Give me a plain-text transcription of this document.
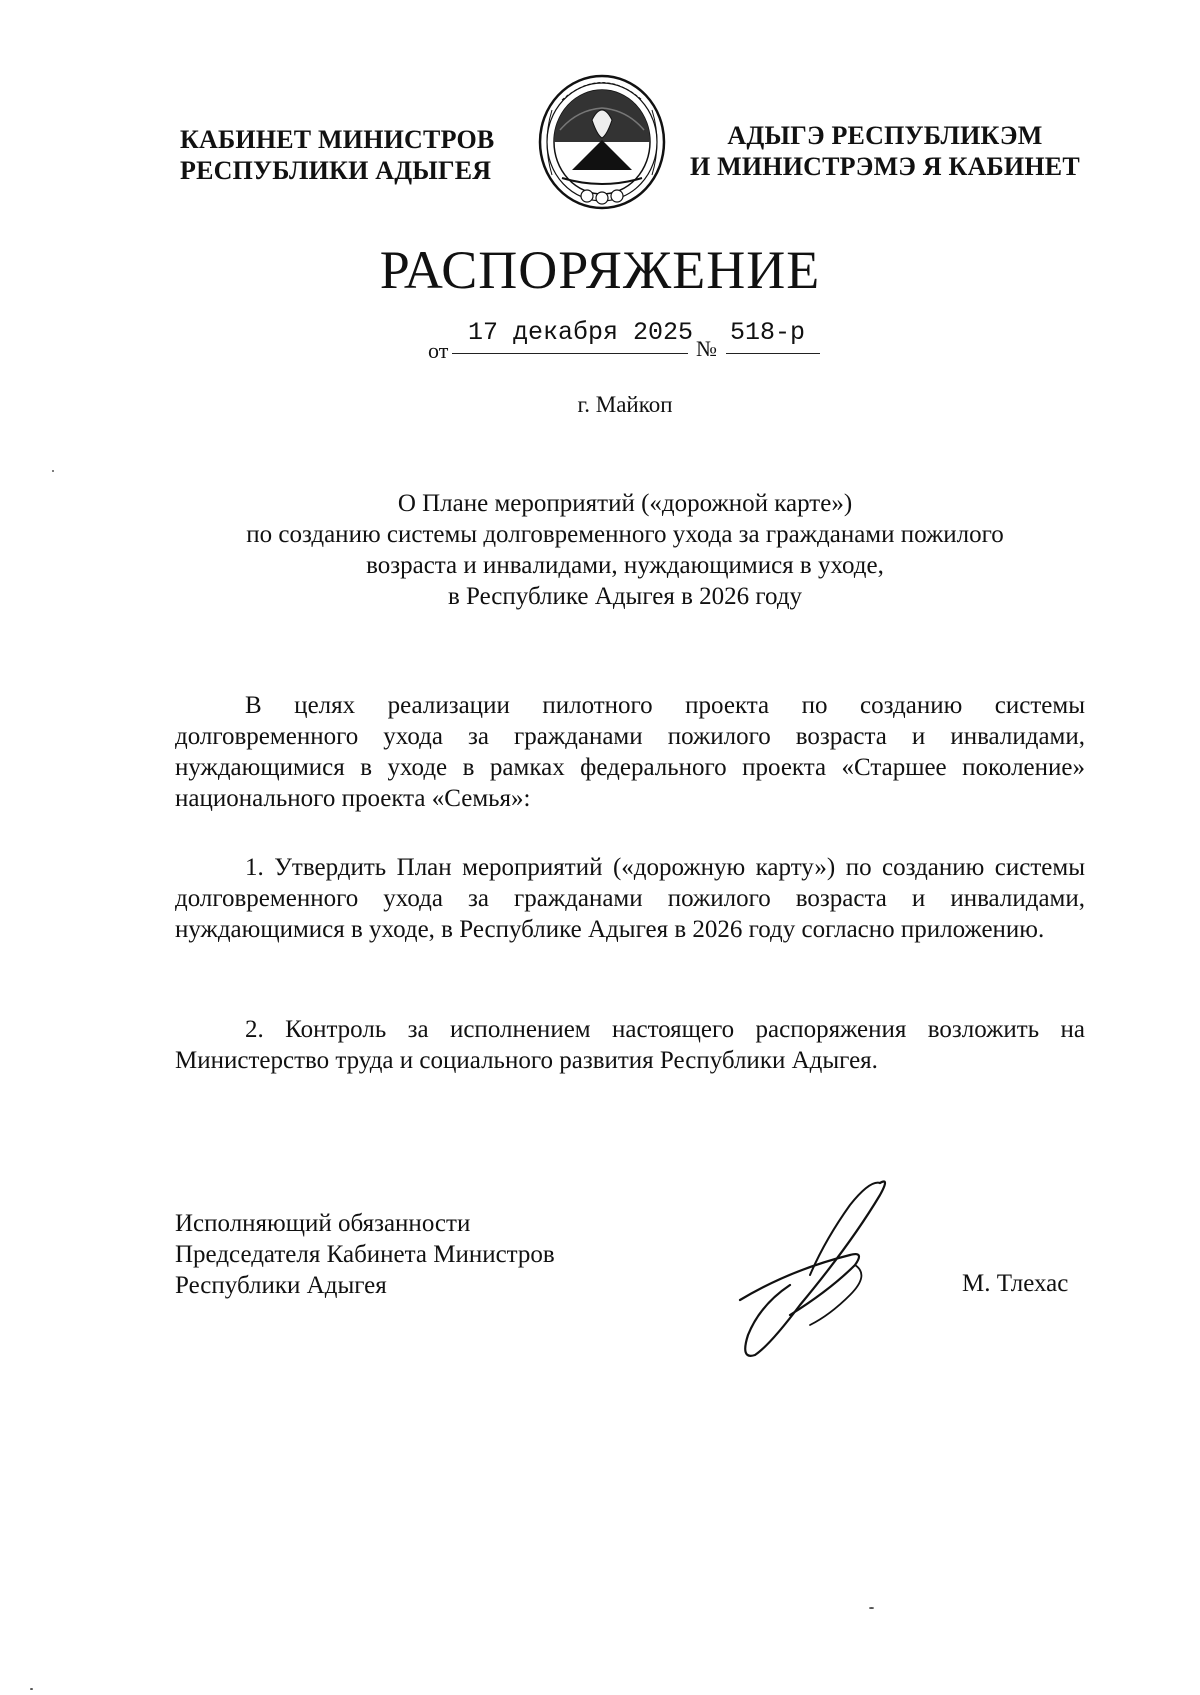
КАБИНЕТ МИНИСТРОВ
РЕСПУБЛИКИ АДЫГЕЯ
АДЫГЭ РЕСПУБЛИКЭМ
И МИНИСТРЭМЭ Я КАБИНЕТ
РАСПОРЯЖЕНИЕ
от
17 декабря 2025
№
518-р
г. Майкоп
О Плане мероприятий («дорожной карте»)
по созданию системы долговременного ухода за гражданами пожилого
возраста и инвалидами, нуждающимися в уходе,
в Республике Адыгея в 2026 году

В целях реализации пилотного проекта по созданию системы долговременного ухода за гражданами пожилого возраста и инвалидами, нуждающимися в уходе в рамках федерального проекта «Старшее поколение» национального проекта «Семья»:

1. Утвердить План мероприятий («дорожную карту») по созданию системы долговременного ухода за гражданами пожилого возраста и инвалидами, нуждающимися в уходе, в Республике Адыгея в 2026 году согласно приложению.

2. Контроль за исполнением настоящего распоряжения возложить на Министерство труда и социального развития Республики Адыгея.

Исполняющий обязанности
Председателя Кабинета Министров
Республики Адыгея	М. Тлехас
